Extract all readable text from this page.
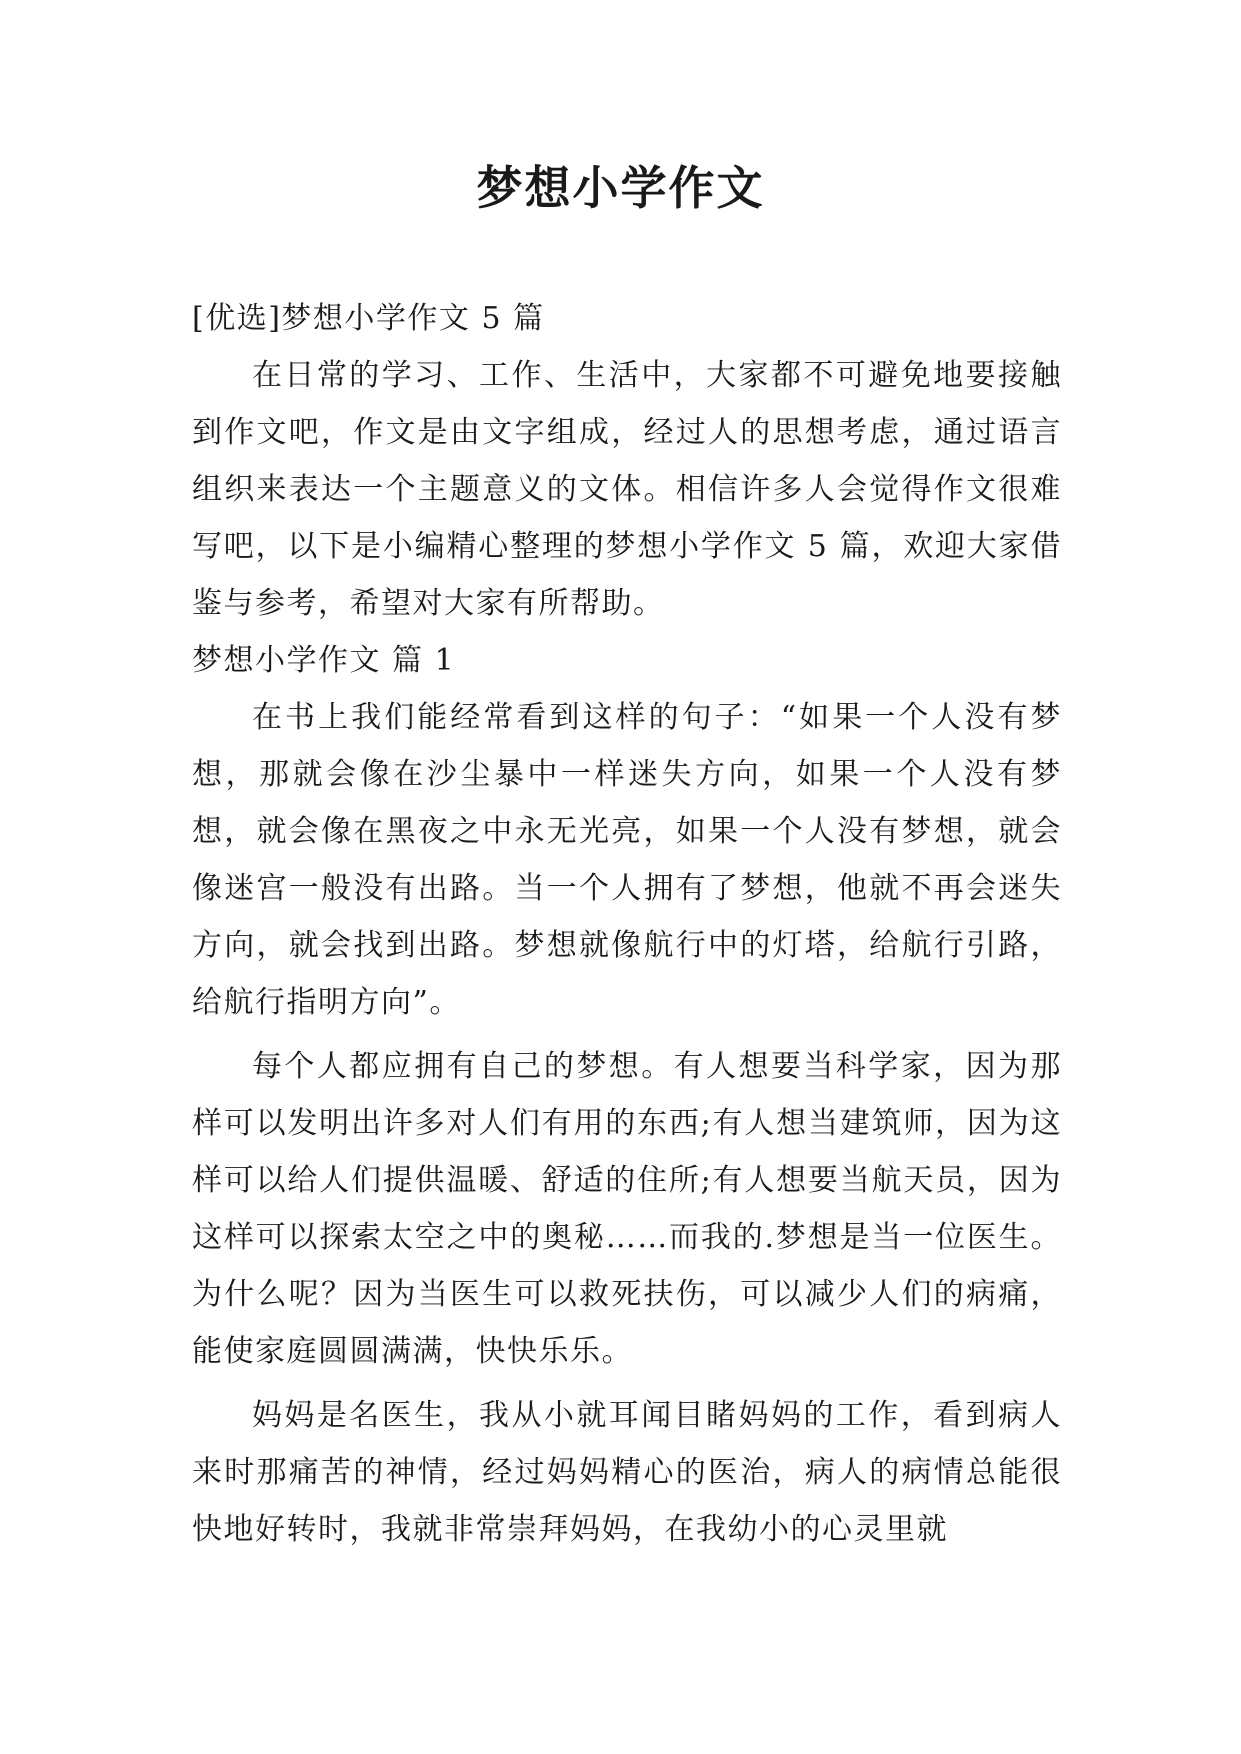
梦想小学作文

[优选]梦想小学作文 5 篇

在日常的学习、工作、生活中，大家都不可避免地要接触到作文吧，作文是由文字组成，经过人的思想考虑，通过语言组织来表达一个主题意义的文体。相信许多人会觉得作文很难写吧，以下是小编精心整理的梦想小学作文 5 篇，欢迎大家借鉴与参考，希望对大家有所帮助。

梦想小学作文 篇 1

在书上我们能经常看到这样的句子：“如果一个人没有梦想，那就会像在沙尘暴中一样迷失方向，如果一个人没有梦想，就会像在黑夜之中永无光亮，如果一个人没有梦想，就会像迷宫一般没有出路。当一个人拥有了梦想，他就不再会迷失方向，就会找到出路。梦想就像航行中的灯塔，给航行引路，给航行指明方向”。

每个人都应拥有自己的梦想。有人想要当科学家，因为那样可以发明出许多对人们有用的东西;有人想当建筑师，因为这样可以给人们提供温暖、舒适的住所;有人想要当航天员，因为这样可以探索太空之中的奥秘……而我的.梦想是当一位医生。为什么呢？因为当医生可以救死扶伤，可以减少人们的病痛，能使家庭圆圆满满，快快乐乐。

妈妈是名医生，我从小就耳闻目睹妈妈的工作，看到病人来时那痛苦的神情，经过妈妈精心的医治，病人的病情总能很快地好转时，我就非常崇拜妈妈，在我幼小的心灵里就
